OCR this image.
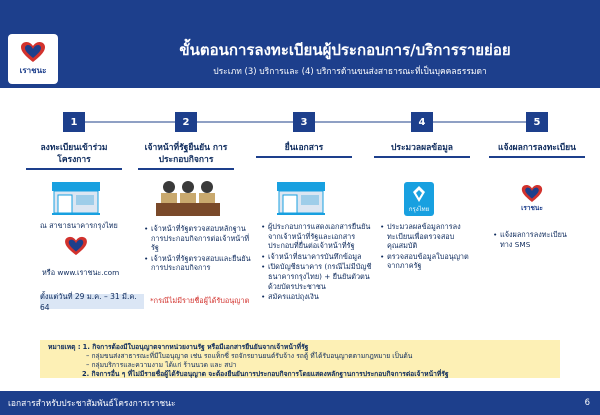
เราชนะ
ขั้นตอนการลงทะเบียนผู้ประกอบการ/บริการรายย่อย
ประเภท (3) บริการและ (4) บริการด้านขนส่งสาธารณะที่เป็นบุคคลธรรมดา
1	2	3	4	5
ลงทะเบียนเข้าร่วม โครงการ
เจ้าหน้าที่รัฐยืนยัน การประกอบกิจการ
ยื่นเอกสาร	ประมวลผลข้อมูล	แจ้งผลการลงทะเบียน
ณ สาขาธนาคารกรุงไทย
หรือ www.เราชนะ.com
ตั้งแต่วันที่ 29 ม.ค. – 31 มี.ค. 64
• เจ้าหน้าที่รัฐตรวจสอบหลักฐานการประกอบกิจการต่อเจ้าหน้าที่รัฐ
• เจ้าหน้าที่รัฐตรวจสอบและยืนยันการประกอบกิจการ
*กรณีไม่มีรายชื่อผู้ได้รับอนุญาต
• ผู้ประกอบการแสดงเอกสารยืนยันจากเจ้าหน้าที่รัฐและเอกสารประกอบที่ยื่นต่อเจ้าหน้าที่รัฐ
• เจ้าหน้าที่ธนาคารบันทึกข้อมูล
• เปิดบัญชีธนาคาร (กรณีไม่มีบัญชีธนาคารกรุงไทย) + ยืนยันตัวตนด้วยบัตรประชาชน
• สมัครแอปถุงเงิน
กรุงไทย
• ประมวลผลข้อมูลการลงทะเบียนเพื่อตรวจสอบคุณสมบัติ
• ตรวจสอบข้อมูลใบอนุญาตจากภาครัฐ
เราชนะ
• แจ้งผลการลงทะเบียนทาง SMS
หมายเหตุ : 1. กิจการต้องมีใบอนุญาตจากหน่วยงานรัฐ หรือมีเอกสารยืนยันจากเจ้าหน้าที่รัฐ
– กลุ่มขนส่งสาธารณะที่มีใบอนุญาต เช่น รถแท็กซี่ รถจักรยานยนต์รับจ้าง รถตู้ ที่ได้รับอนุญาตตามกฎหมาย เป็นต้น
– กลุ่มบริการและความงาม ได้แก่ ร้านนวด และ สปา
2. กิจการอื่น ๆ ที่ไม่มีรายชื่อผู้ได้รับอนุญาต จะต้องยืนยันการประกอบกิจการโดยแสดงหลักฐานการประกอบกิจการต่อเจ้าหน้าที่รัฐ
เอกสารสำหรับประชาสัมพันธ์โครงการเราชนะ	6
